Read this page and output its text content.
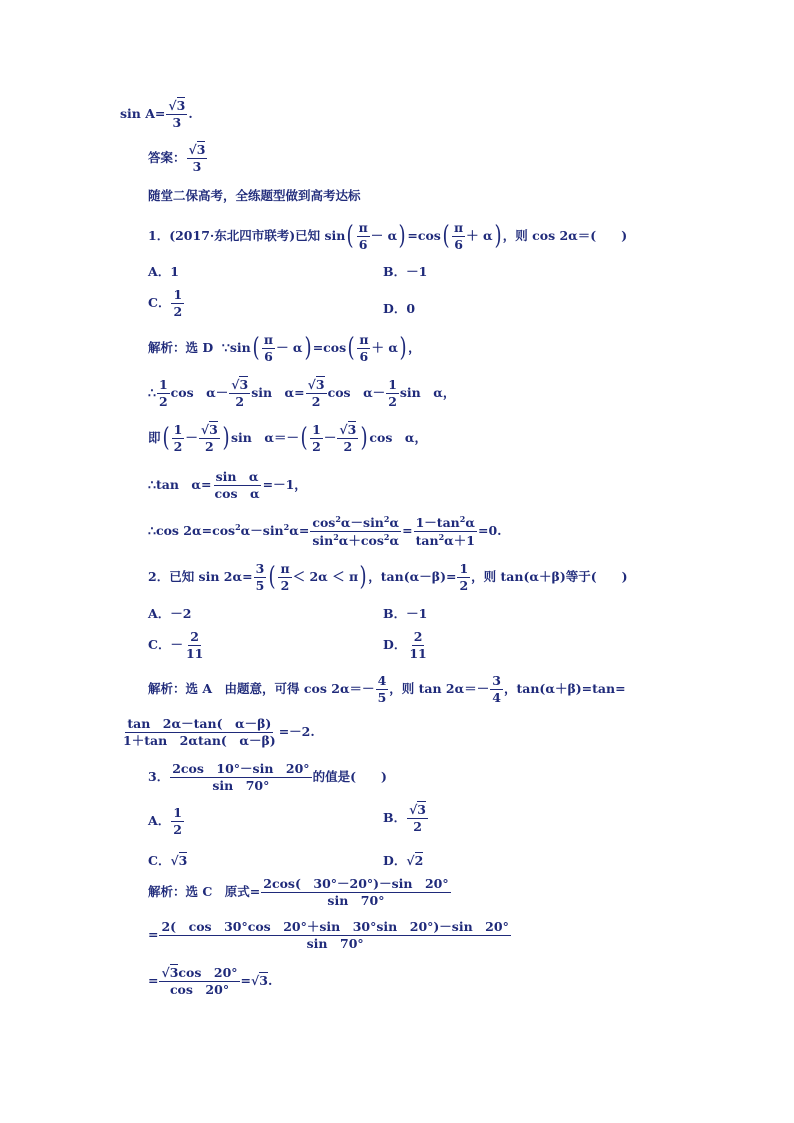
$\sin A= \frac{√3}{3}$ .
答案： $\frac{√3}{3}$
随堂二保高考，全练题型做到高考达标
1．(2017·东北四市联考)已知 $\sin( \frac{\pi}{6} - \alpha) =\cos( \frac{\pi}{6} + \alpha)$ ，则 cos 2α＝(　　)
A．1	B．－1
C． $\frac{1}{2}$	D．0
解析：选 D ∵sin( $\frac{\pi}{6} - \alpha) =\cos( \frac{\pi}{6} + \alpha)$ ，
∴ $\frac{1}{2}$ cos　$\alpha- \frac{√3}{2}$ sin　$\alpha= \frac{√3}{2}$ cos　$\alpha- \frac{1}{2}$ sin　α，
即( $\frac{1}{2} - \frac{√3}{2}$ ) sin　$\alpha=-( \frac{1}{2} - \frac{√3}{2}$ ) cos　α，
∴tan　$\alpha= \frac{\text{sin　α}}{\text{cos　α}} =-1$，
∴cos $2\alpha=\cos^2\alpha-\sin^2\alpha= \frac{\cos^2\alpha-\sin^2\alpha}{\sin^2\alpha+\cos^2\alpha} = \frac{1-\tan^2\alpha}{\tan^2\alpha+1} =0$.
2．已知 $\sin 2\alpha= \frac{3}{5}$ ( $\frac{\pi}{2} < 2\alpha < \pi$) ，$\tan(\alpha-\beta)= \frac{1}{2}$ ，则 tan(α＋β)等于(　　)
A．－2	B．－1
C．－ $\frac{2}{11}$	D． $\frac{2}{11}$
解析：选 A　由题意，可得 $\cos 2\alpha=- \frac{4}{5}$ ，则 $\tan 2\alpha=- \frac{3}{4}$ ，tan(α＋β)=tan=
$\frac{\tan 2\alpha-\tan( \alpha-\beta)}{1+\tan 2\alpha\tan( \alpha-\beta)} =-2$.
3． $\frac{2\cos 10^\circ-\sin 20^\circ}{\sin 70^\circ}$ 的值是(　　)
A． $\frac{1}{2}$	B． $\frac{√3}{2}$
C．√3	D．√2
解析：选 C　原式= $\frac{2\cos( 30^\circ-20^\circ)-\sin 20^\circ}{\sin 70^\circ}$
= $\frac{2( \cos 30^\circ\cos 20^\circ+\sin 30^\circ\sin 20^\circ)-\sin 20^\circ}{\sin 70^\circ}$
= $\frac{√3\cos 20^\circ}{\cos 20^\circ} =√3$.
